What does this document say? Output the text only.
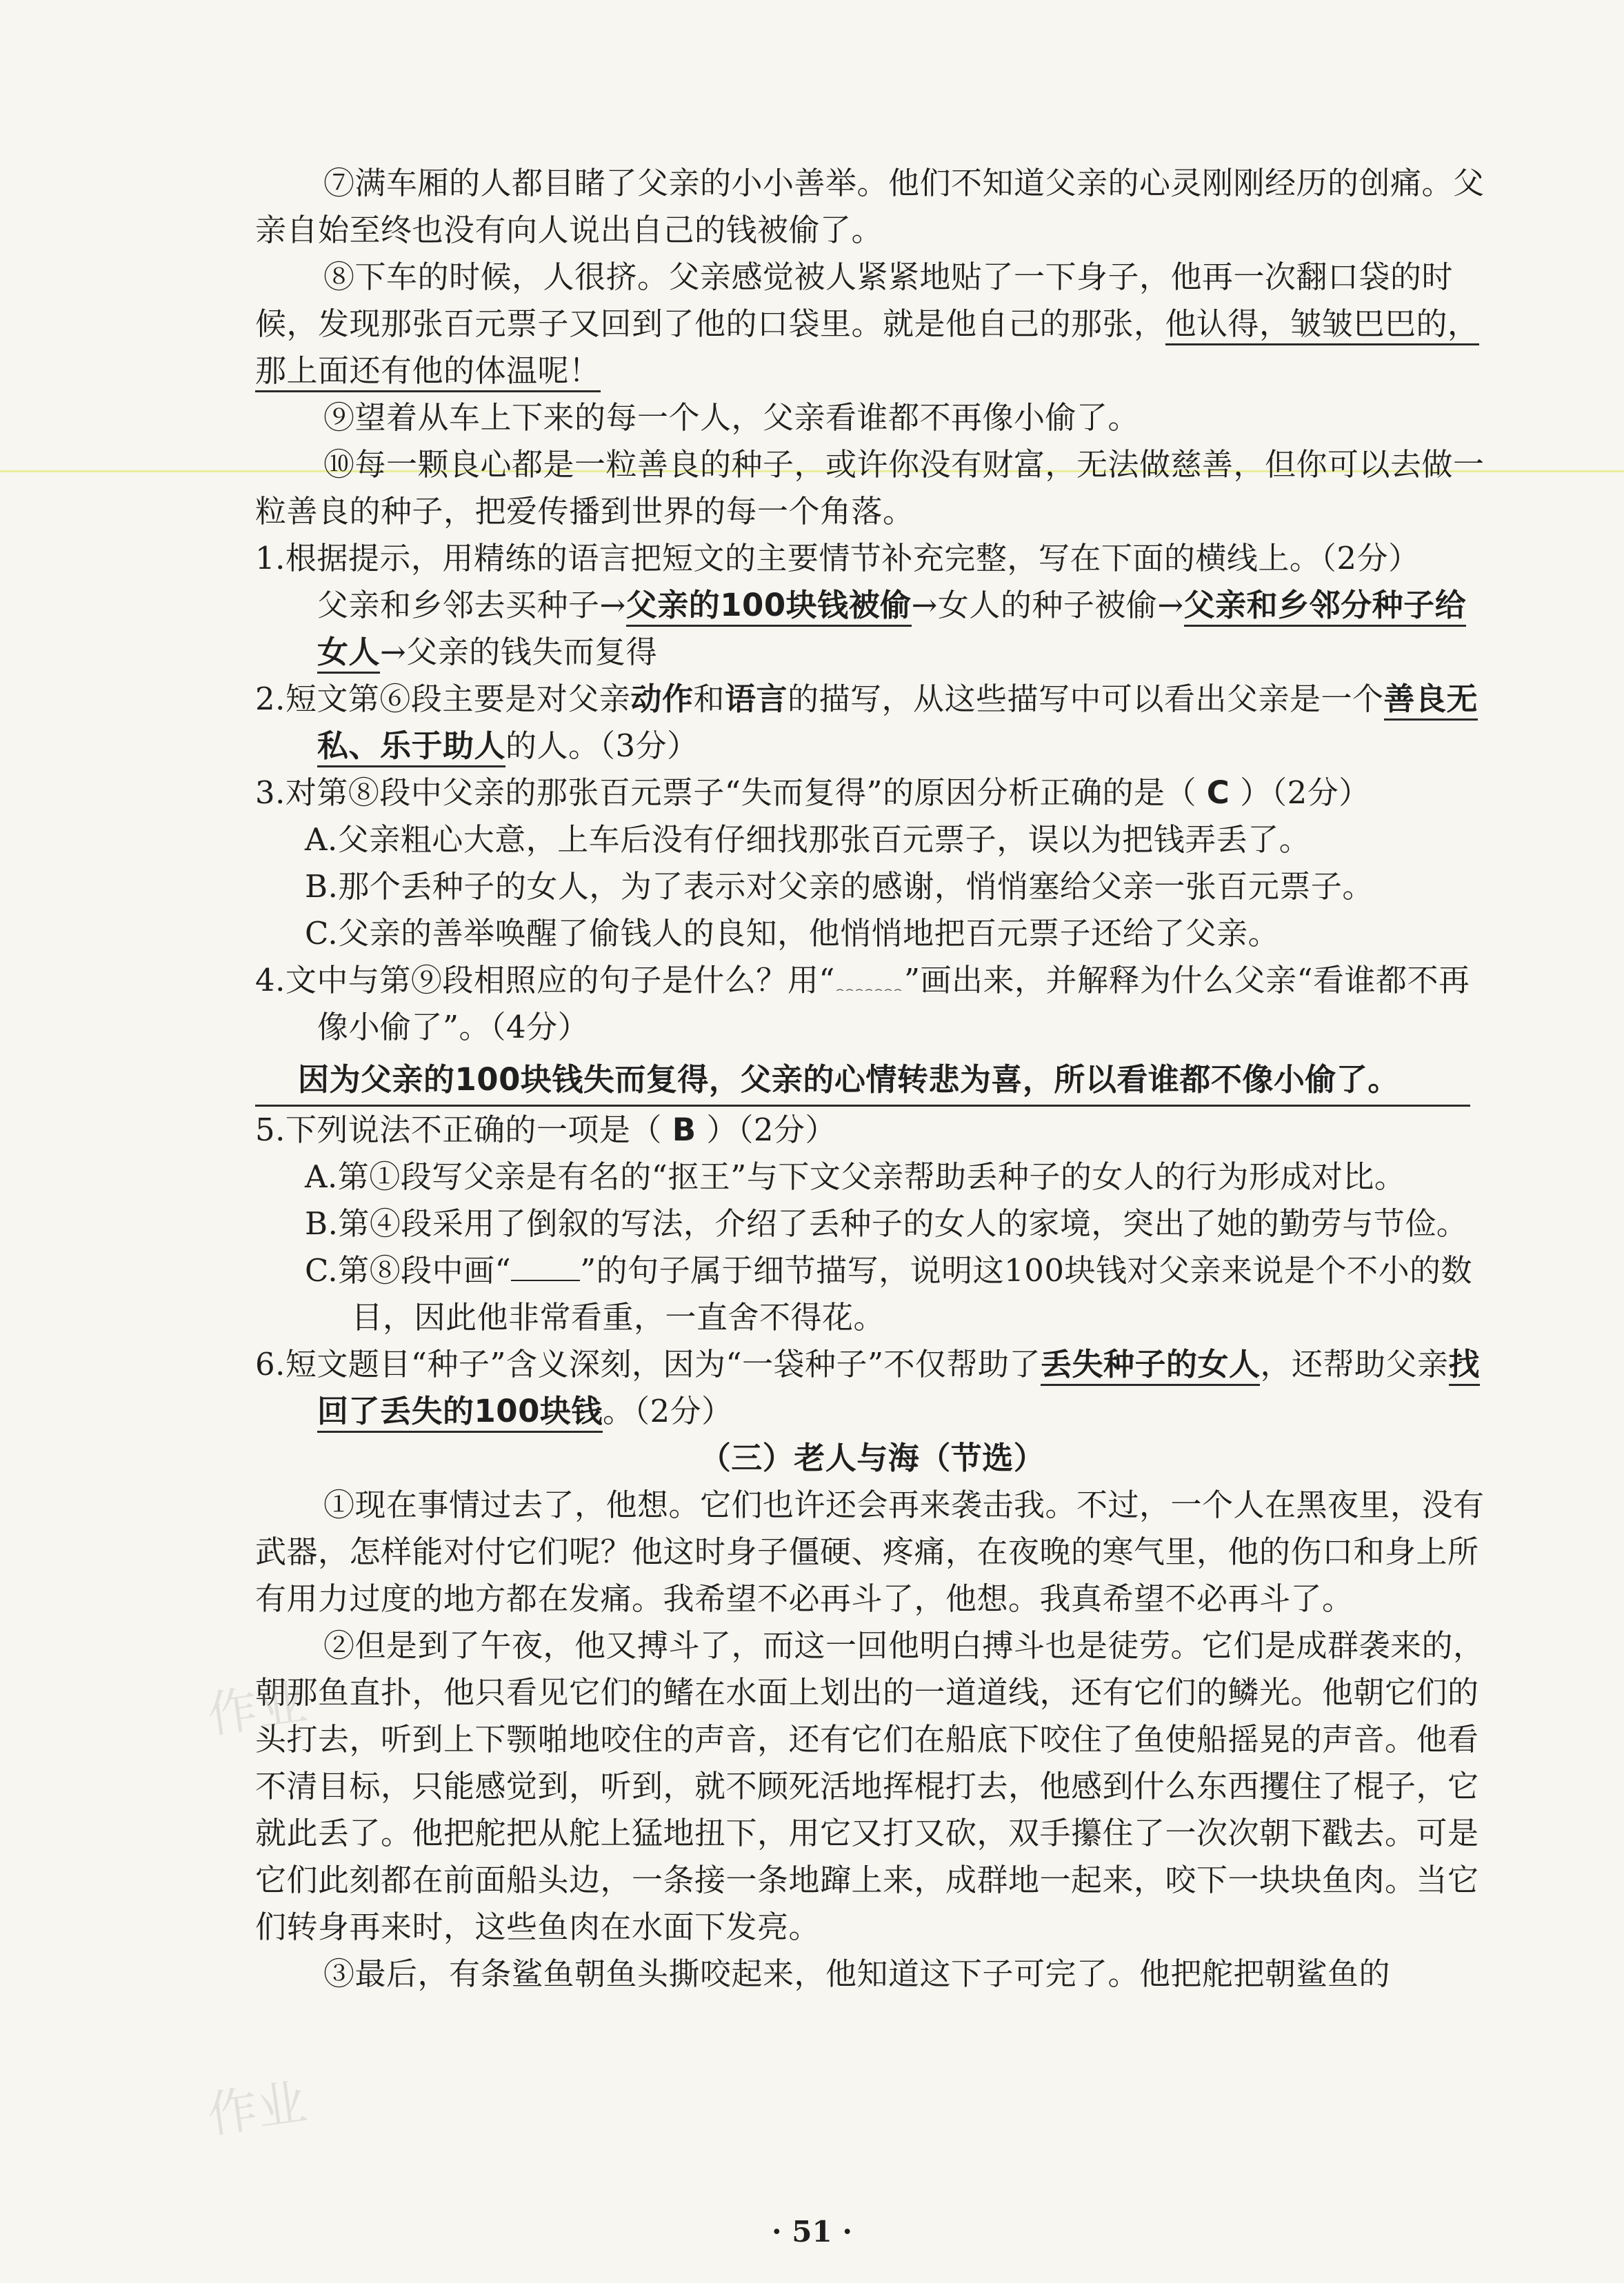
⑦满车厢的人都目睹了父亲的小小善举。他们不知道父亲的心灵刚刚经历的创痛。父亲自始至终也没有向人说出自己的钱被偷了。

⑧下车的时候，人很挤。父亲感觉被人紧紧地贴了一下身子，他再一次翻口袋的时候，发现那张百元票子又回到了他的口袋里。就是他自己的那张，他认得，皱皱巴巴的，那上面还有他的体温呢！

⑨望着从车上下来的每一个人，父亲看谁都不再像小偷了。

⑩每一颗良心都是一粒善良的种子，或许你没有财富，无法做慈善，但你可以去做一粒善良的种子，把爱传播到世界的每一个角落。

1.根据提示，用精练的语言把短文的主要情节补充完整，写在下面的横线上。（2分）

父亲和乡邻去买种子→父亲的100块钱被偷→女人的种子被偷→父亲和乡邻分种子给女人→父亲的钱失而复得

2.短文第⑥段主要是对父亲动作和语言的描写，从这些描写中可以看出父亲是一个善良无私、乐于助人的人。（3分）

3.对第⑧段中父亲的那张百元票子“失而复得”的原因分析正确的是（ C ）（2分）

A.父亲粗心大意，上车后没有仔细找那张百元票子，误以为把钱弄丢了。

B.那个丢种子的女人，为了表示对父亲的感谢，悄悄塞给父亲一张百元票子。

C.父亲的善举唤醒了偷钱人的良知，他悄悄地把百元票子还给了父亲。

4.文中与第⑨段相照应的句子是什么？用“ ”画出来，并解释为什么父亲“看谁都不再像小偷了”。（4分）

因为父亲的100块钱失而复得，父亲的心情转悲为喜，所以看谁都不像小偷了。

5.下列说法不正确的一项是（ B ）（2分）

A.第①段写父亲是有名的“抠王”与下文父亲帮助丢种子的女人的行为形成对比。

B.第④段采用了倒叙的写法，介绍了丢种子的女人的家境，突出了她的勤劳与节俭。

C.第⑧段中画“ ”的句子属于细节描写，说明这100块钱对父亲来说是个不小的数目，因此他非常看重，一直舍不得花。

6.短文题目“种子”含义深刻，因为“一袋种子”不仅帮助了丢失种子的女人，还帮助父亲找回了丢失的100块钱。（2分）

（三）老人与海（节选）

①现在事情过去了，他想。它们也许还会再来袭击我。不过，一个人在黑夜里，没有武器，怎样能对付它们呢？他这时身子僵硬、疼痛，在夜晚的寒气里，他的伤口和身上所有用力过度的地方都在发痛。我希望不必再斗了，他想。我真希望不必再斗了。

②但是到了午夜，他又搏斗了，而这一回他明白搏斗也是徒劳。它们是成群袭来的，朝那鱼直扑，他只看见它们的鳍在水面上划出的一道道线，还有它们的鳞光。他朝它们的头打去，听到上下颚啪地咬住的声音，还有它们在船底下咬住了鱼使船摇晃的声音。他看不清目标，只能感觉到，听到，就不顾死活地挥棍打去，他感到什么东西攫住了棍子，它就此丢了。他把舵把从舵上猛地扭下，用它又打又砍，双手攥住了一次次朝下戳去。可是它们此刻都在前面船头边，一条接一条地蹿上来，成群地一起来，咬下一块块鱼肉。当它们转身再来时，这些鱼肉在水面下发亮。

③最后，有条鲨鱼朝鱼头撕咬起来，他知道这下子可完了。他把舵把朝鲨鱼的

作业
作业
· 51 ·
